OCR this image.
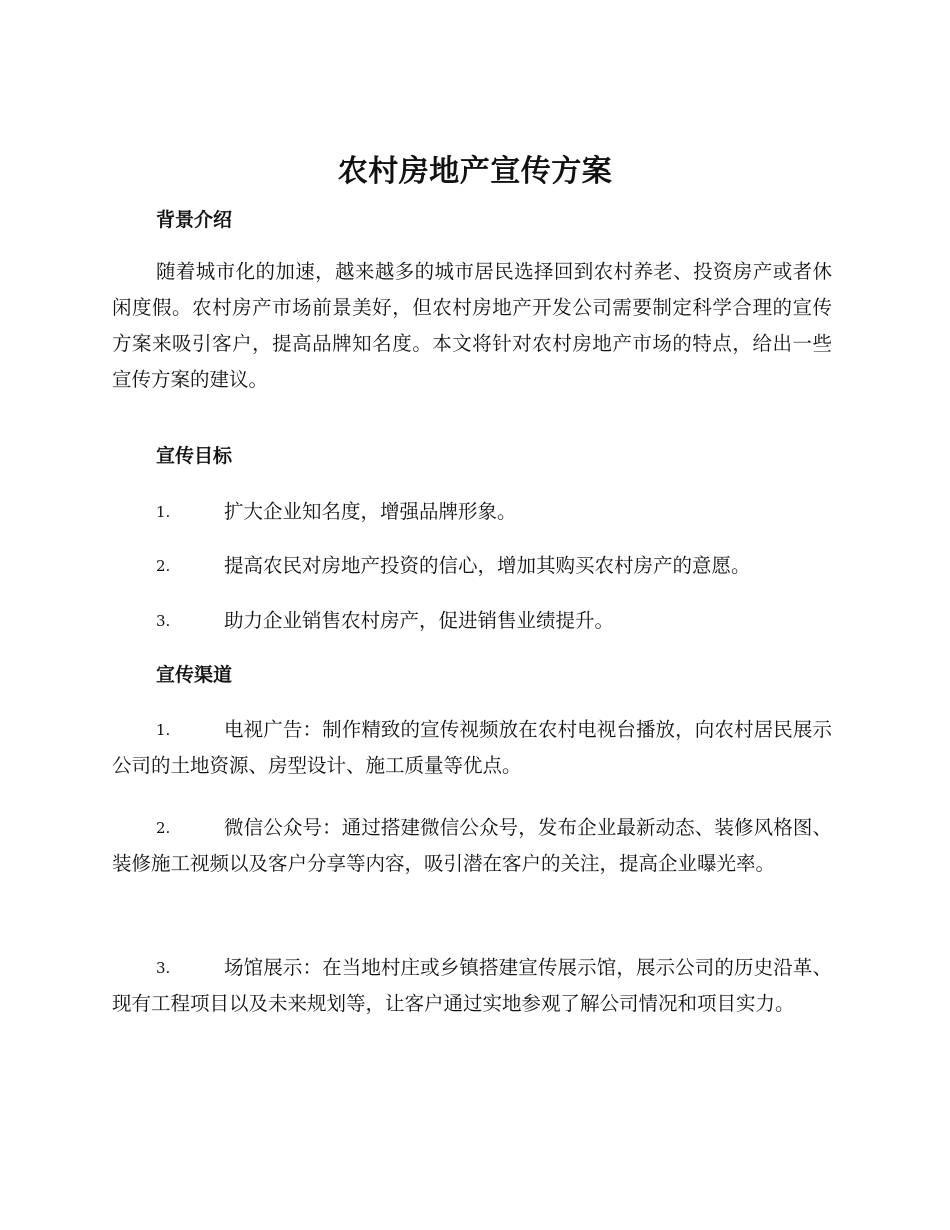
农村房地产宣传方案
背景介绍

随着城市化的加速，越来越多的城市居民选择回到农村养老、投资房产或者休闲度假。农村房产市场前景美好，但农村房地产开发公司需要制定科学合理的宣传方案来吸引客户，提高品牌知名度。本文将针对农村房地产市场的特点，给出一些宣传方案的建议。

宣传目标
1.	扩大企业知名度，增强品牌形象。
2.	提高农民对房地产投资的信心，增加其购买农村房产的意愿。
3.	助力企业销售农村房产，促进销售业绩提升。
宣传渠道
1.	电视广告：制作精致的宣传视频放在农村电视台播放，向农村居民展示公司的土地资源、房型设计、施工质量等优点。
2.	微信公众号：通过搭建微信公众号，发布企业最新动态、装修风格图、装修施工视频以及客户分享等内容，吸引潜在客户的关注，提高企业曝光率。
3.	场馆展示：在当地村庄或乡镇搭建宣传展示馆，展示公司的历史沿革、现有工程项目以及未来规划等，让客户通过实地参观了解公司情况和项目实力。
